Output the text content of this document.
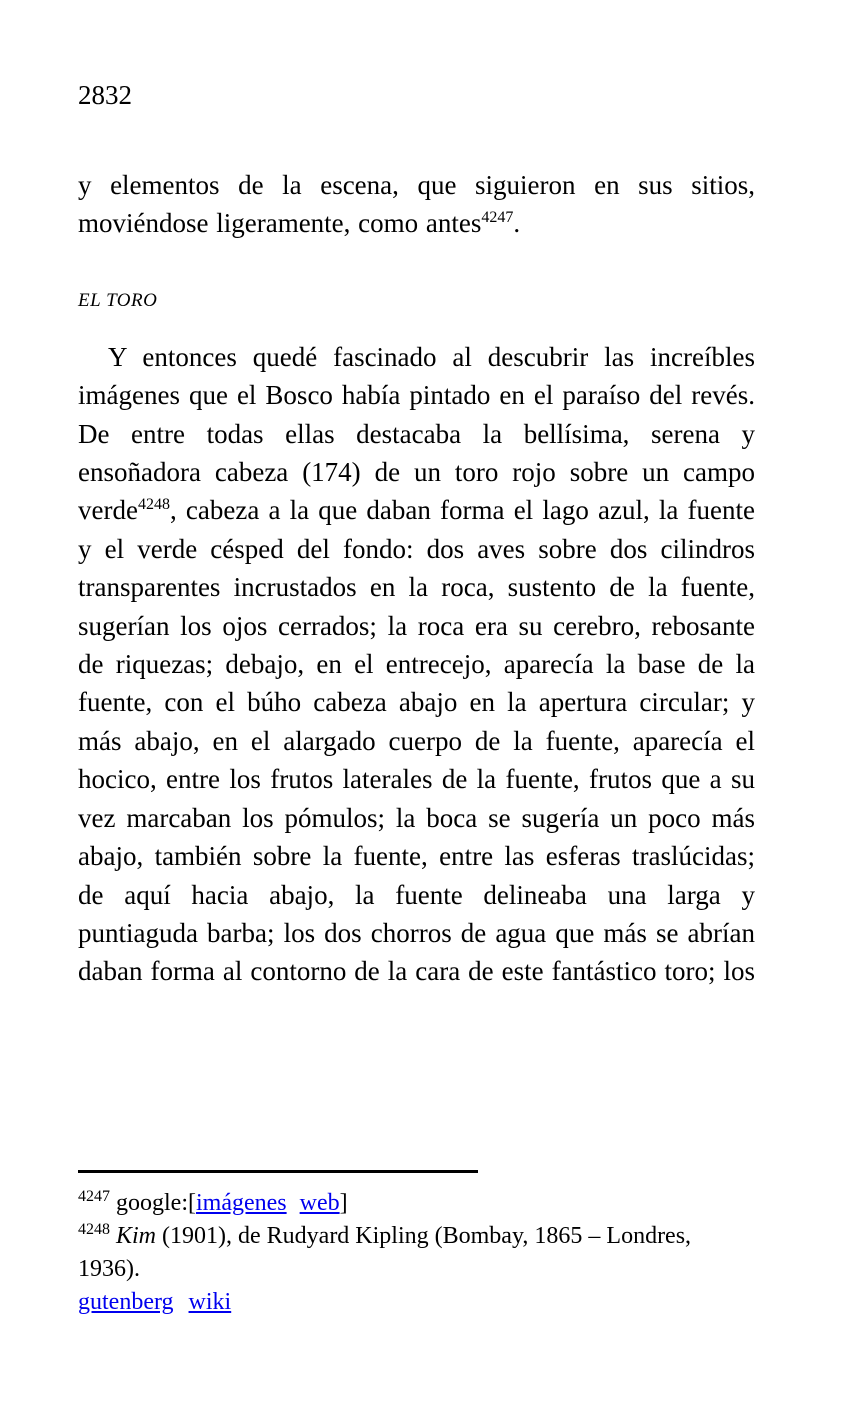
2832

y elementos de la escena, que siguieron en sus sitios, moviéndose ligeramente, como antes$^{4247}$.

EL TORO

Y entonces quedé fascinado al descubrir las increíbles imágenes que el Bosco había pintado en el paraíso del revés. De entre todas ellas destacaba la bellísima, serena y ensoñadora cabeza (174) de un toro rojo sobre un campo verde$^{4248}$, cabeza a la que daban forma el lago azul, la fuente y el verde césped del fondo: dos aves sobre dos cilindros transparentes incrustados en la roca, sustento de la fuente, sugerían los ojos cerrados; la roca era su cerebro, rebosante de riquezas; debajo, en el entrecejo, aparecía la base de la fuente, con el búho cabeza abajo en la apertura circular; y más abajo, en el alargado cuerpo de la fuente, aparecía el hocico, entre los frutos laterales de la fuente, frutos que a su vez marcaban los pómulos; la boca se sugería un poco más abajo, también sobre la fuente, entre las esferas traslúcidas; de aquí hacia abajo, la fuente delineaba una larga y puntiaguda barba; los dos chorros de agua que más se abrían daban forma al contorno de la cara de este fantástico toro; los

$^{4247}$ google:[imágenes web]
$^{4248}$ Kim (1901), de Rudyard Kipling (Bombay, 1865 – Londres, 1936).
gutenberg wiki
